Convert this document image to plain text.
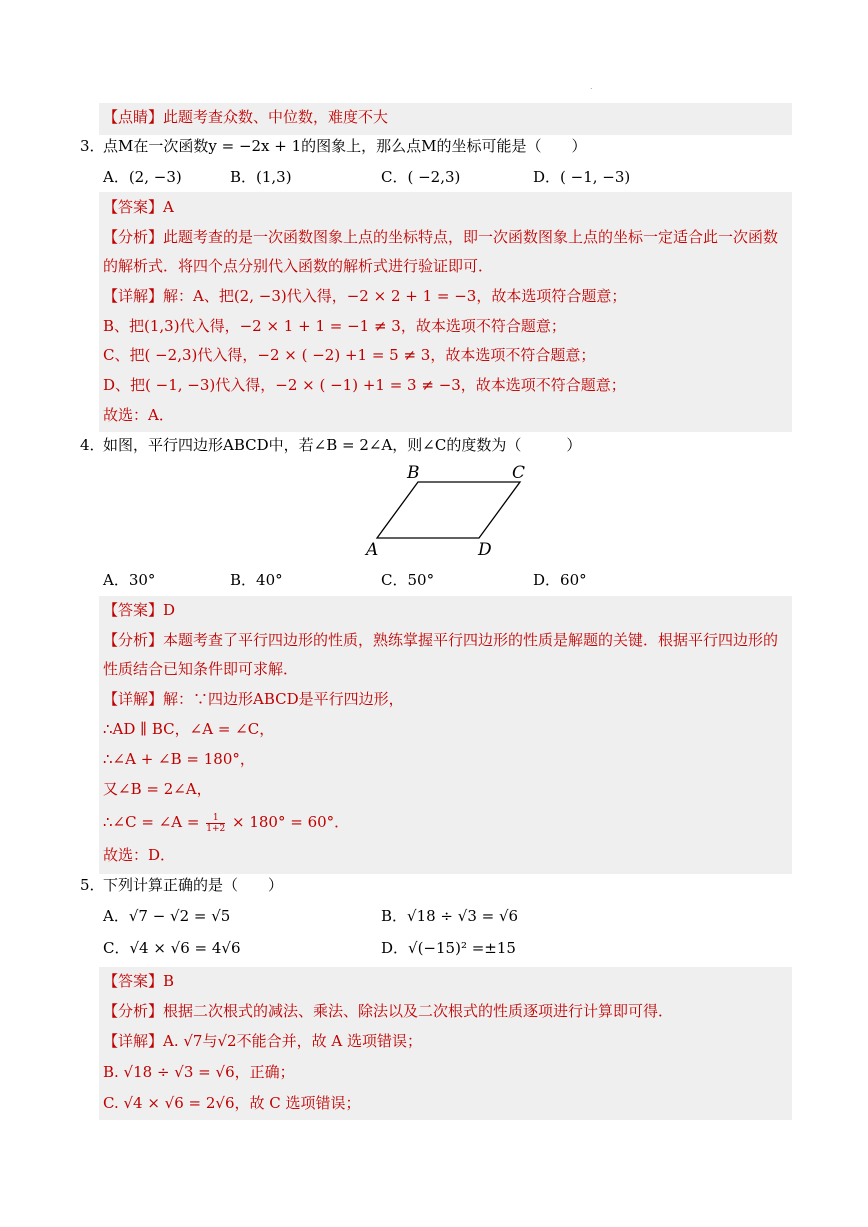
.
【点睛】此题考查众数、中位数，难度不大
3．
点M在一次函数y = −2x + 1的图象上，那么点M的坐标可能是（　　）
A．(2, −3)	B．(1,3)	C．( −2,3)	D．( −1, −3)
【答案】A
【分析】此题考查的是一次函数图象上点的坐标特点，即一次函数图象上点的坐标一定适合此一次函数
的解析式．将四个点分别代入函数的解析式进行验证即可．
【详解】解：A、把(2, −3)代入得，−2 × 2 + 1 = −3，故本选项符合题意；
B、把(1,3)代入得，−2 × 1 + 1 = −1 ≠ 3，故本选项不符合题意；
C、把( −2,3)代入得，−2 × ( −2) +1 = 5 ≠ 3，故本选项不符合题意；
D、把( −1, −3)代入得，−2 × ( −1) +1 = 3 ≠ −3，故本选项不符合题意；
故选：A．
4．
如图，平行四边形ABCD中，若∠B = 2∠A，则∠C的度数为（　　　）
B	C
A	D
A．30°	B．40°	C．50°	D．60°
【答案】D
【分析】本题考查了平行四边形的性质，熟练掌握平行四边形的性质是解题的关键．根据平行四边形的
性质结合已知条件即可求解．
【详解】解：∵四边形ABCD是平行四边形，
∴AD ∥ BC，∠A = ∠C，
∴∠A + ∠B = 180°，
又∠B = 2∠A，
∴∠C = ∠A = $\frac{1}{1+2} \times 180^\circ = 60^\circ$．
故选：D．
5．
下列计算正确的是（　　）
A．√7 − √2 = √5	B．√18 ÷ √3 = √6
C．√4 × √6 = 4√6	D．√(−15)² =±15
【答案】B
【分析】根据二次根式的减法、乘法、除法以及二次根式的性质逐项进行计算即可得．
【详解】A. √7与√2不能合并，故 A 选项错误；
B. √18 ÷ √3 = √6，正确；
C. √4 × √6 = 2√6，故 C 选项错误；
